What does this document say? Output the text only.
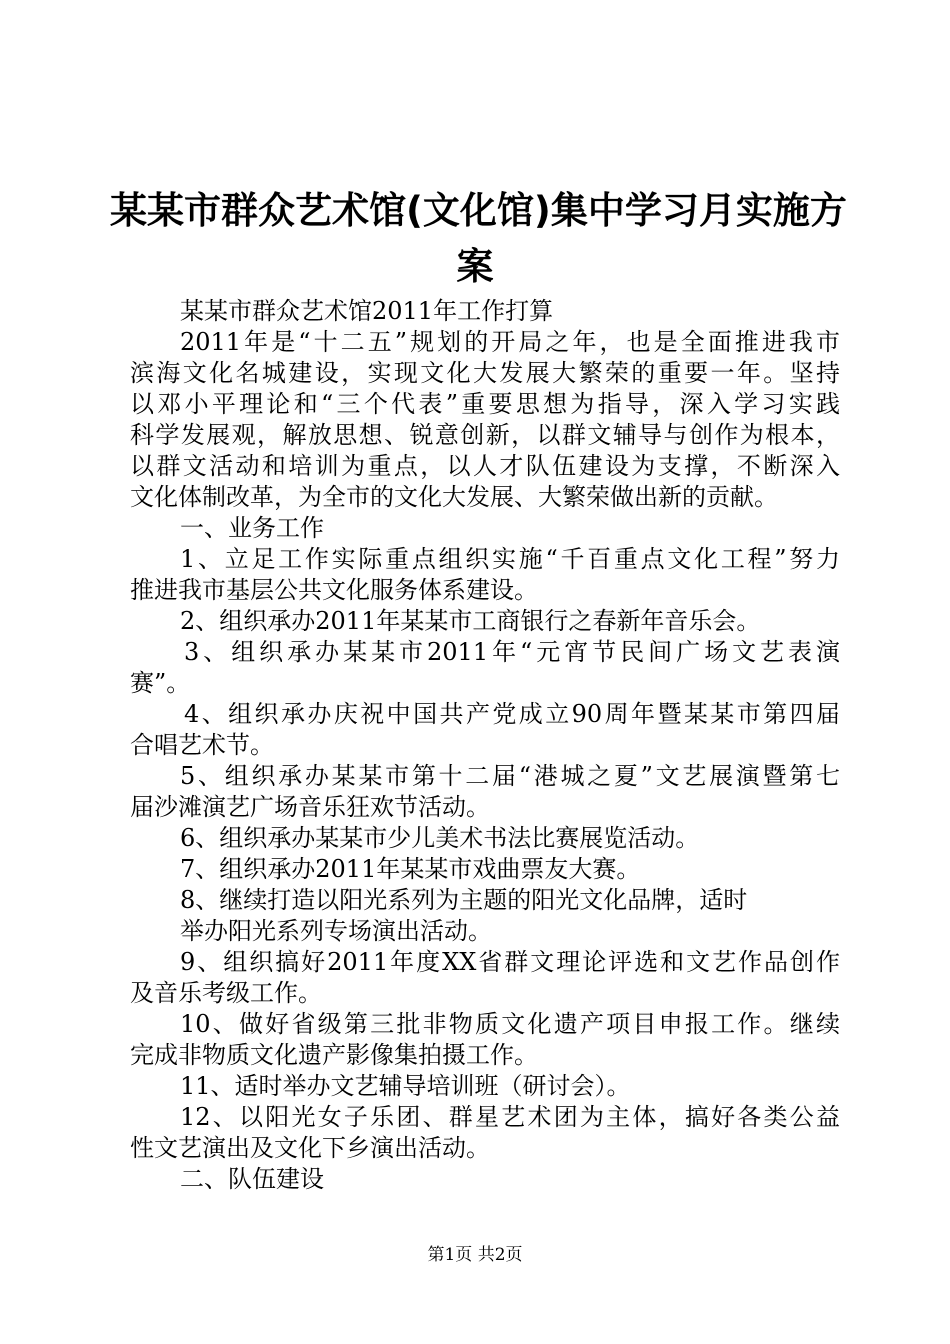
某某市群众艺术馆(文化馆)集中学习月实施方
案
某某市群众艺术馆2011年工作打算
2011年是“十二五”规划的开局之年，也是全面推进我市
滨海文化名城建设，实现文化大发展大繁荣的重要一年。坚持
以邓小平理论和“三个代表”重要思想为指导，深入学习实践
科学发展观，解放思想、锐意创新，以群文辅导与创作为根本，
以群文活动和培训为重点，以人才队伍建设为支撑，不断深入
文化体制改革，为全市的文化大发展、大繁荣做出新的贡献。
一、业务工作
1、立足工作实际重点组织实施“千百重点文化工程”努力
推进我市基层公共文化服务体系建设。
2、组织承办2011年某某市工商银行之春新年音乐会。
3、组织承办某某市2011年“元宵节民间广场文艺表演
赛”。
4、组织承办庆祝中国共产党成立90周年暨某某市第四届
合唱艺术节。
5、组织承办某某市第十二届“港城之夏”文艺展演暨第七
届沙滩演艺广场音乐狂欢节活动。
6、组织承办某某市少儿美术书法比赛展览活动。
7、组织承办2011年某某市戏曲票友大赛。
8、继续打造以阳光系列为主题的阳光文化品牌，适时
举办阳光系列专场演出活动。
9、组织搞好2011年度XX省群文理论评选和文艺作品创作
及音乐考级工作。
10、做好省级第三批非物质文化遗产项目申报工作。继续
完成非物质文化遗产影像集拍摄工作。
11、适时举办文艺辅导培训班（研讨会）。
12、以阳光女子乐团、群星艺术团为主体，搞好各类公益
性文艺演出及文化下乡演出活动。
二、队伍建设
第1页 共2页
